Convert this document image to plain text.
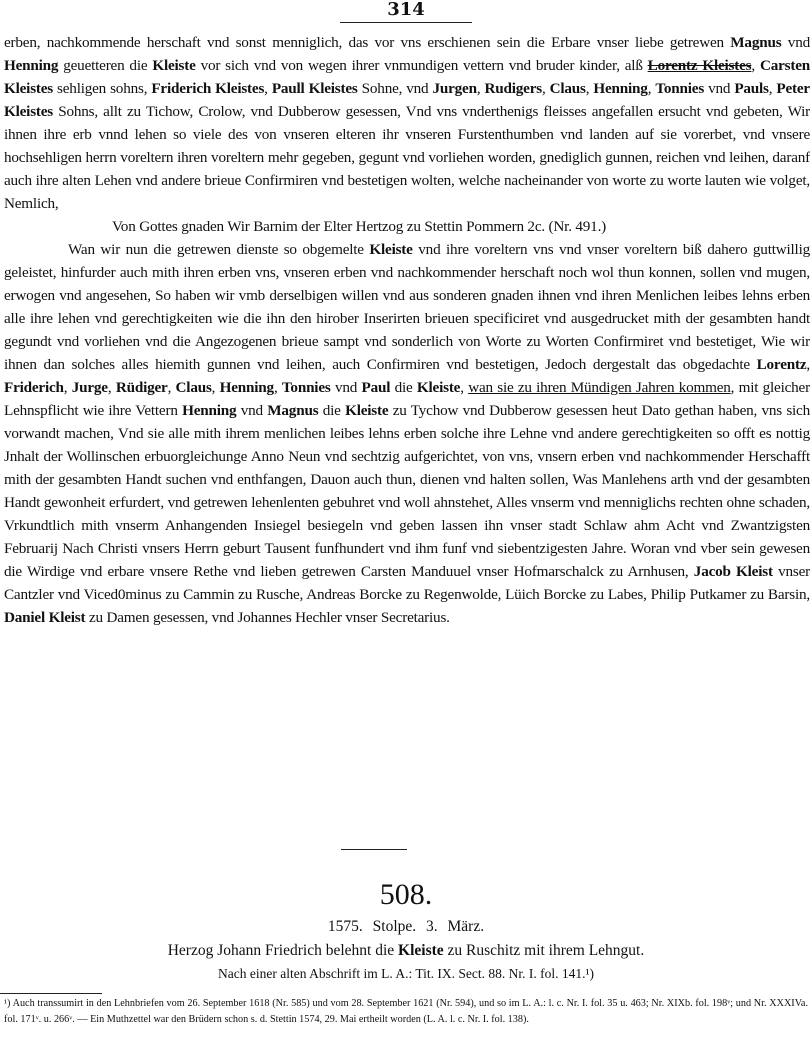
314

erben, nachkommende herschaft vnd sonst menniglich, das vor vns erschienen sein die Erbare vnser liebe getrewen Magnus vnd Henning geuetteren die Kleiste vor sich vnd von wegen ihrer vnmundigen vettern vnd bruder kinder, alß Lorentz Kleistes, Carsten Kleistes sehligen sohns, Friderich Kleistes, Paull Kleistes Sohne, vnd Jurgen, Rudigers, Claus, Henning, Tonnies vnd Pauls, Peter Kleistes Sohns, allt zu Tichow, Crolow, vnd Dubberow gesessen, Vnd vns vnderthenigs fleisses angefallen ersucht vnd gebeten, Wir ihnen ihre erb vnnd lehen so viele des von vnseren elteren ihr vnseren Furstenthumben vnd landen auf sie vorerbet, vnd vnsere hochsehligen herrn voreltern ihren voreltern mehr gegeben, gegunt vnd vorliehen worden, gnediglich gunnen, reichen vnd leihen, daranf auch ihre alten Lehen vnd andere brieue Confirmiren vnd bestetigen wolten, welche nacheinander von worte zu worte lauten wie volget, Nemlich,

Von Gottes gnaden Wir Barnim der Elter Hertzog zu Stettin Pommern 2c. (Nr. 491.)

Wan wir nun die getrewen dienste so obgemelte Kleiste vnd ihre voreltern vns vnd vnser voreltern biß dahero guttwillig geleistet, hinfurder auch mith ihren erben vns, vnseren erben vnd nachkommender herschaft noch wol thun konnen, sollen vnd mugen, erwogen vnd angesehen, So haben wir vmb derselbigen willen vnd aus sonderen gnaden ihnen vnd ihren Menlichen leibes lehns erben alle ihre lehen vnd gerechtigkeiten wie die ihn den hirober Inserirten brieuen specificiret vnd ausgedrucket mith der gesambten handt gegundt vnd vorliehen vnd die Angezogenen brieue sampt vnd sonderlich von Worte zu Worten Confirmiret vnd bestetiget, Wie wir ihnen dan solches alles hiemith gunnen vnd leihen, auch Confirmiren vnd bestetigen, Jedoch dergestalt das obgedachte Lorentz, Friderich, Jurge, Rüdiger, Claus, Henning, Tonnies vnd Paul die Kleiste, wan sie zu ihren Mündigen Jahren kommen, mit gleicher Lehnspflicht wie ihre Vettern Henning vnd Magnus die Kleiste zu Tychow vnd Dubberow gesessen heut Dato gethan haben, vns sich vorwandt machen, Vnd sie alle mith ihrem menlichen leibes lehns erben solche ihre Lehne vnd andere gerechtigkeiten so offt es nottig Jnhalt der Wollinschen erbuorgleichunge Anno Neun vnd sechtzig aufgerichtet, von vns, vnsern erben vnd nachkommender Herschafft mith der gesambten Handt suchen vnd enthfangen, Dauon auch thun, dienen vnd halten sollen, Was Manlehens arth vnd der gesambten Handt gewonheit erfurdert, vnd getrewen lehenlenten gebuhret vnd woll ahnstehet, Alles vnserm vnd menniglichs rechten ohne schaden, Vrkundtlich mith vnserm Anhangenden Insiegel besiegeln vnd geben lassen ihn vnser stadt Schlaw ahm Acht vnd Zwantzigsten Februarij Nach Christi vnsers Herrn geburt Tausent funfhundert vnd ihm funf vnd siebentzigesten Jahre. Woran vnd vber sein gewesen die Wirdige vnd erbare vnsere Rethe vnd lieben getrewen Carsten Manduuel vnser Hofmarschalck zu Arnhusen, Jacob Kleist vnser Cantzler vnd Viced0minus zu Cammin zu Rusche, Andreas Borcke zu Regenwolde, Lüich Borcke zu Labes, Philip Putkamer zu Barsin, Daniel Kleist zu Damen gesessen, vnd Johannes Hechler vnser Secretarius.

508.
1575. Stolpe. 3. März.
Herzog Johann Friedrich belehnt die Kleiste zu Ruschitz mit ihrem Lehngut.
Nach einer alten Abschrift im L. A.: Tit. IX. Sect. 88. Nr. I. fol. 141.¹)
¹) Auch transsumirt in den Lehnbriefen vom 26. September 1618 (Nr. 585) und vom 28. September 1621 (Nr. 594), und so im L. A.: l. c. Nr. I. fol. 35 u. 463; Nr. XIXb. fol. 198ᵛ; und Nr. XXXIVa. fol. 171ᵛ. u. 266ᵛ. — Ein Muthzettel war den Brüdern schon s. d. Stettin 1574, 29. Mai ertheilt worden (L. A. l. c. Nr. I. fol. 138).
